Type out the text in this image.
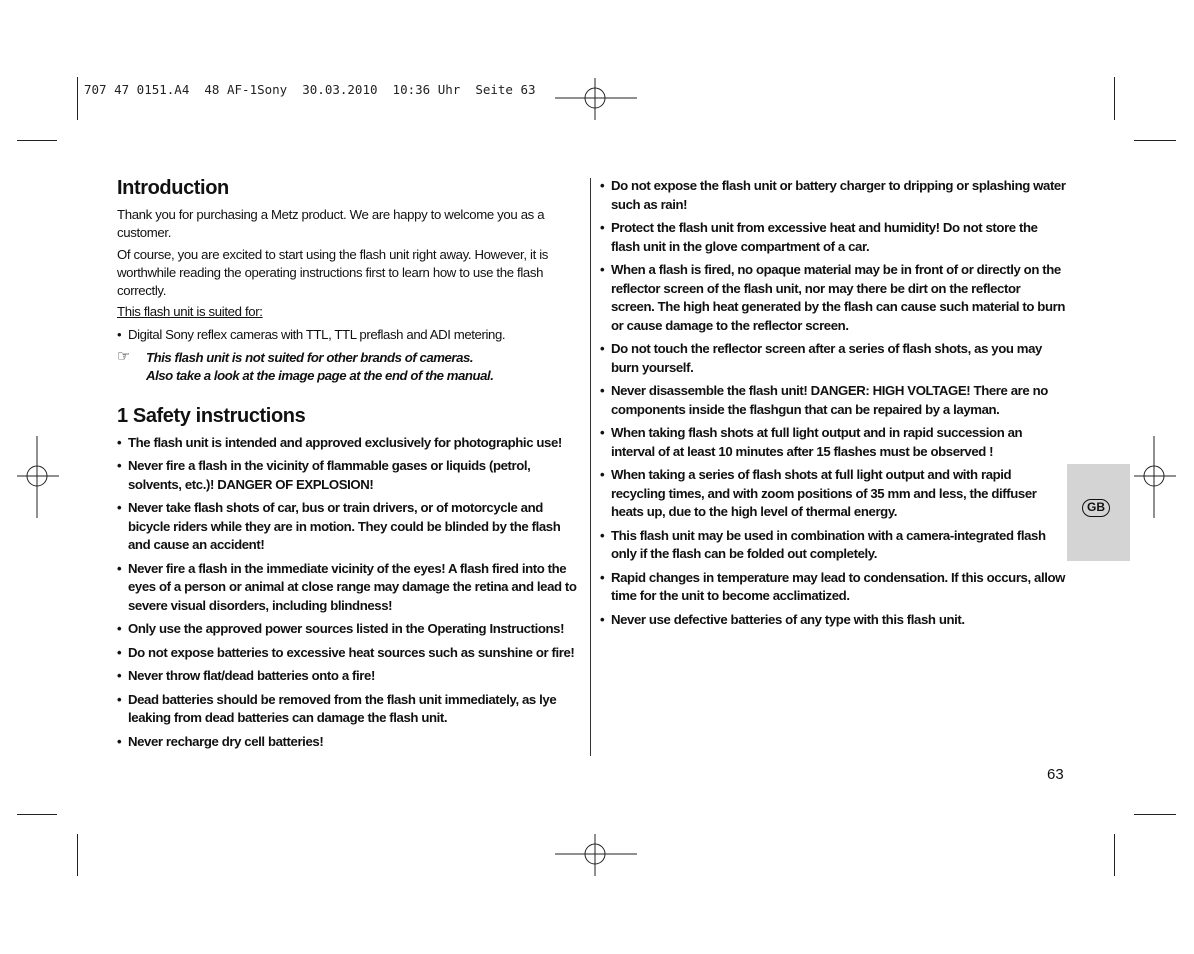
707 47 0151.A4  48 AF-1Sony  30.03.2010  10:36 Uhr  Seite 63
Introduction

Thank you for purchasing a Metz product. We are happy to welcome you as a customer.

Of course, you are excited to start using the flash unit right away. However, it is worthwhile reading the operating instructions first to learn how to use the flash correctly.

This flash unit is suited for:

• Digital Sony reflex cameras with TTL, TTL preflash and ADI metering.
☞ This flash unit is not suited for other brands of cameras.
Also take a look at the image page at the end of the manual.
1 Safety instructions
• The flash unit is intended and approved exclusively for photographic use!
• Never fire a flash in the vicinity of flammable gases or liquids (petrol, solvents, etc.)! DANGER OF EXPLOSION!
• Never take flash shots of car, bus or train drivers, or of motorcycle and bicycle riders while they are in motion. They could be blinded by the flash and cause an accident!
• Never fire a flash in the immediate vicinity of the eyes! A flash fired into the eyes of a person or animal at close range may damage the retina and lead to severe visual disorders, including blindness!
• Only use the approved power sources listed in the Operating Instructions!
• Do not expose batteries to excessive heat sources such as sunshine or fire!
• Never throw flat/dead batteries onto a fire!
• Dead batteries should be removed from the flash unit immediately, as lye leaking from dead batteries can damage the flash unit.
• Never recharge dry cell batteries!
• Do not expose the flash unit or battery charger to dripping or splashing water such as rain!
• Protect the flash unit from excessive heat and humidity! Do not store the flash unit in the glove compartment of a car.
• When a flash is fired, no opaque material may be in front of or directly on the reflector screen of the flash unit, nor may there be dirt on the reflector screen. The high heat generated by the flash can cause such material to burn or cause damage to the reflector screen.
• Do not touch the reflector screen after a series of flash shots, as you may burn yourself.
• Never disassemble the flash unit! DANGER: HIGH VOLTAGE! There are no components inside the flashgun that can be repaired by a layman.
• When taking flash shots at full light output and in rapid succession an interval of at least 10 minutes after 15 flashes must be observed !
• When taking a series of flash shots at full light output and with rapid recycling times, and with zoom positions of 35 mm and less, the diffuser heats up, due to the high level of thermal energy.
• This flash unit may be used in combination with a camera-integrated flash only if the flash can be folded out completely.
• Rapid changes in temperature may lead to condensation. If this occurs, allow time for the unit to become acclimatized.
• Never use defective batteries of any type with this flash unit.
GB
63
